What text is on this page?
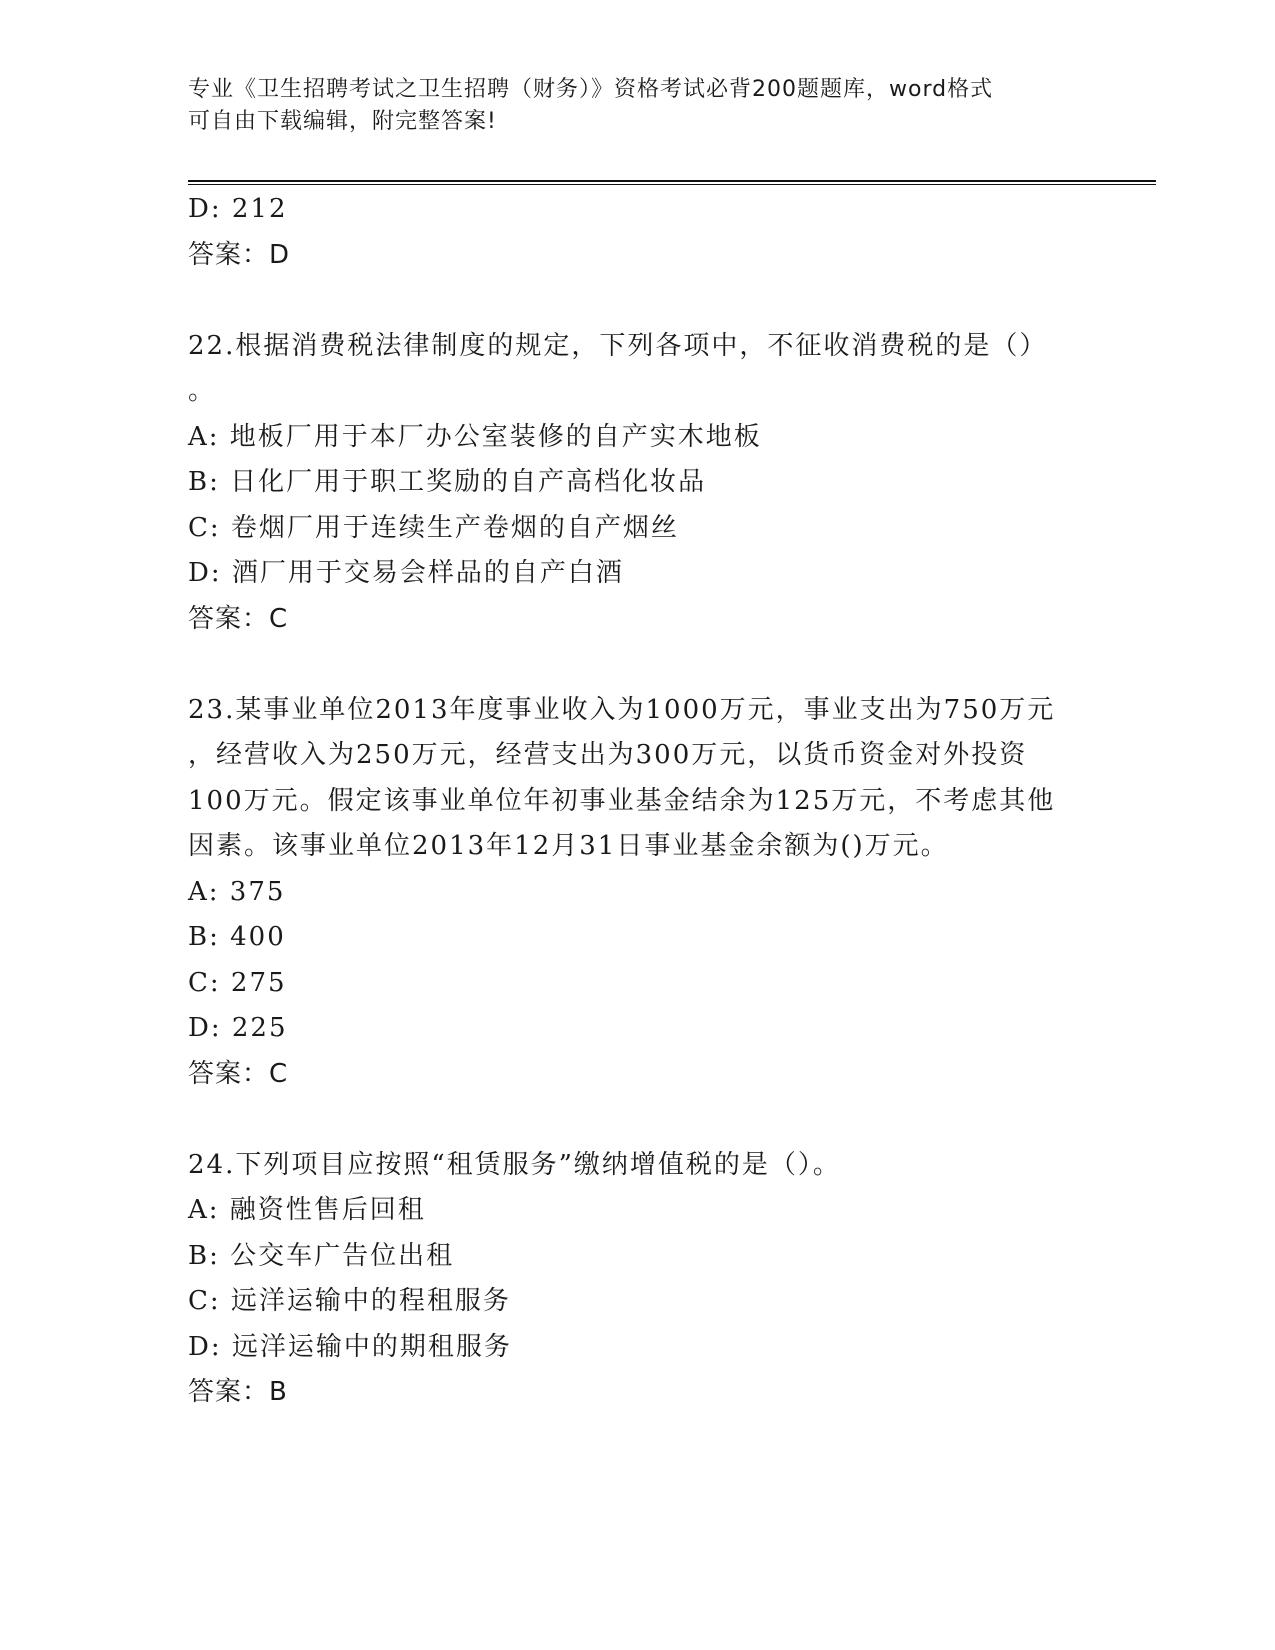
专业《卫生招聘考试之卫生招聘（财务）》资格考试必背200题题库，word格式
可自由下载编辑，附完整答案!
D: 212
答案：D
22.根据消费税法律制度的规定，下列各项中，不征收消费税的是（）
。
A: 地板厂用于本厂办公室装修的自产实木地板
B: 日化厂用于职工奖励的自产高档化妆品
C: 卷烟厂用于连续生产卷烟的自产烟丝
D: 酒厂用于交易会样品的自产白酒
答案：C
23.某事业单位2013年度事业收入为1000万元，事业支出为750万元
，经营收入为250万元，经营支出为300万元，以货币资金对外投资
100万元。假定该事业单位年初事业基金结余为125万元，不考虑其他
因素。该事业单位2013年12月31日事业基金余额为()万元。
A: 375
B: 400
C: 275
D: 225
答案：C
24.下列项目应按照“租赁服务”缴纳增值税的是（）。
A: 融资性售后回租
B: 公交车广告位出租
C: 远洋运输中的程租服务
D: 远洋运输中的期租服务
答案：B
